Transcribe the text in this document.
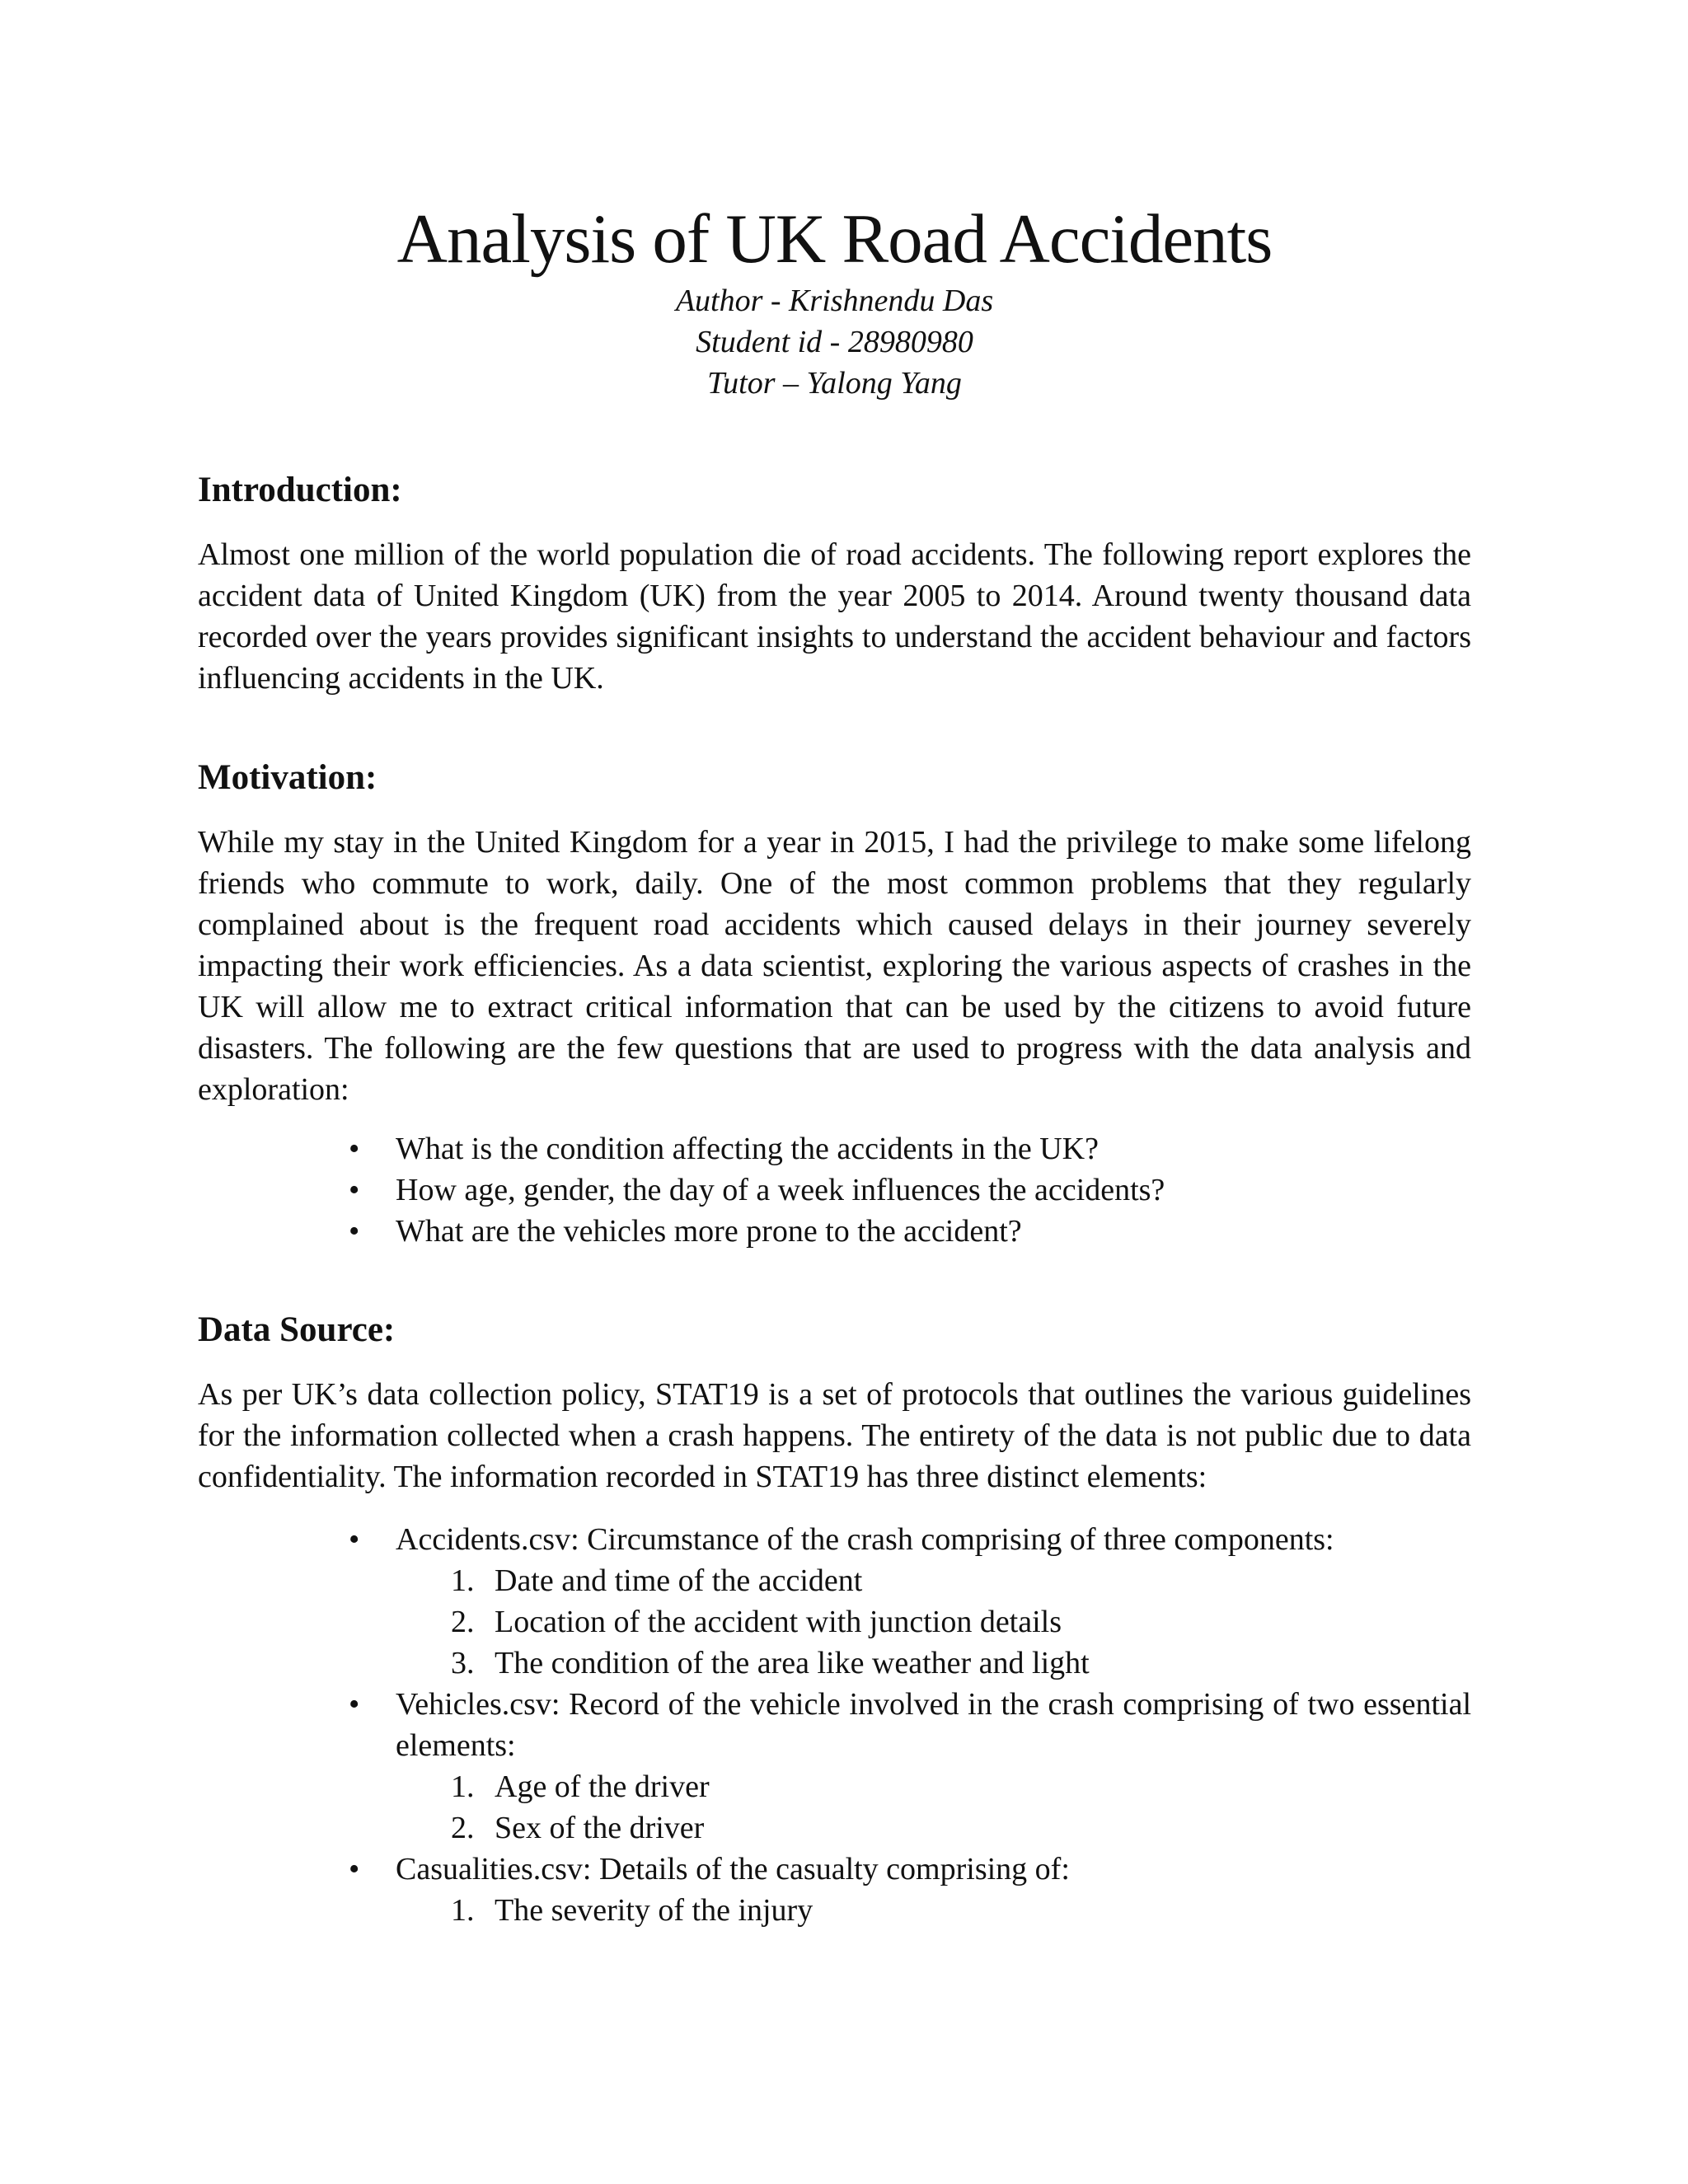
Analysis of UK Road Accidents

Author - Krishnendu Das

Student id - 28980980

Tutor – Yalong Yang

Introduction:

Almost one million of the world population die of road accidents. The following report explores the accident data of United Kingdom (UK) from the year 2005 to 2014. Around twenty thousand data recorded over the years provides significant insights to understand the accident behaviour and factors influencing accidents in the UK.

Motivation:

While my stay in the United Kingdom for a year in 2015, I had the privilege to make some lifelong friends who commute to work, daily. One of the most common problems that they regularly complained about is the frequent road accidents which caused delays in their journey severely impacting their work efficiencies. As a data scientist, exploring the various aspects of crashes in the UK will allow me to extract critical information that can be used by the citizens to avoid future disasters. The following are the few questions that are used to progress with the data analysis and exploration:

• What is the condition affecting the accidents in the UK?
• How age, gender, the day of a week influences the accidents?
• What are the vehicles more prone to the accident?
Data Source:

As per UK’s data collection policy, STAT19 is a set of protocols that outlines the various guidelines for the information collected when a crash happens. The entirety of the data is not public due to data confidentiality. The information recorded in STAT19 has three distinct elements:

• Accidents.csv: Circumstance of the crash comprising of three components:
1. Date and time of the accident
2. Location of the accident with junction details
3. The condition of the area like weather and light
• Vehicles.csv: Record of the vehicle involved in the crash comprising of two essential elements:
1. Age of the driver
2. Sex of the driver
• Casualities.csv: Details of the casualty comprising of:
1. The severity of the injury
